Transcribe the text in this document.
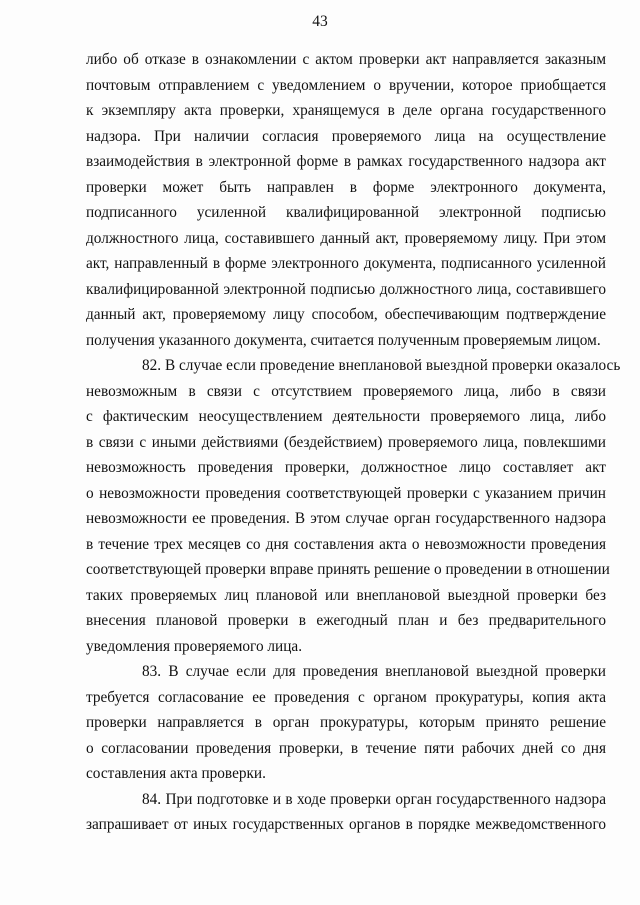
43
либо об отказе в ознакомлении с актом проверки акт направляется заказным
почтовым отправлением с уведомлением о вручении, которое приобщается
к экземпляру акта проверки, хранящемуся в деле органа государственного
надзора. При наличии согласия проверяемого лица на осуществление
взаимодействия в электронной форме в рамках государственного надзора акт
проверки может быть направлен в форме электронного документа,
подписанного усиленной квалифицированной электронной подписью
должностного лица, составившего данный акт, проверяемому лицу. При этом
акт, направленный в форме электронного документа, подписанного усиленной
квалифицированной электронной подписью должностного лица, составившего
данный акт, проверяемому лицу способом, обеспечивающим подтверждение
получения указанного документа, считается полученным проверяемым лицом.
82. В случае если проведение внеплановой выездной проверки оказалось
невозможным в связи с отсутствием проверяемого лица, либо в связи
с фактическим неосуществлением деятельности проверяемого лица, либо
в связи с иными действиями (бездействием) проверяемого лица, повлекшими
невозможность проведения проверки, должностное лицо составляет акт
о невозможности проведения соответствующей проверки с указанием причин
невозможности ее проведения. В этом случае орган государственного надзора
в течение трех месяцев со дня составления акта о невозможности проведения
соответствующей проверки вправе принять решение о проведении в отношении
таких проверяемых лиц плановой или внеплановой выездной проверки без
внесения плановой проверки в ежегодный план и без предварительного
уведомления проверяемого лица.
83. В случае если для проведения внеплановой выездной проверки
требуется согласование ее проведения с органом прокуратуры, копия акта
проверки направляется в орган прокуратуры, которым принято решение
о согласовании проведения проверки, в течение пяти рабочих дней со дня
составления акта проверки.
84. При подготовке и в ходе проверки орган государственного надзора
запрашивает от иных государственных органов в порядке межведомственного
